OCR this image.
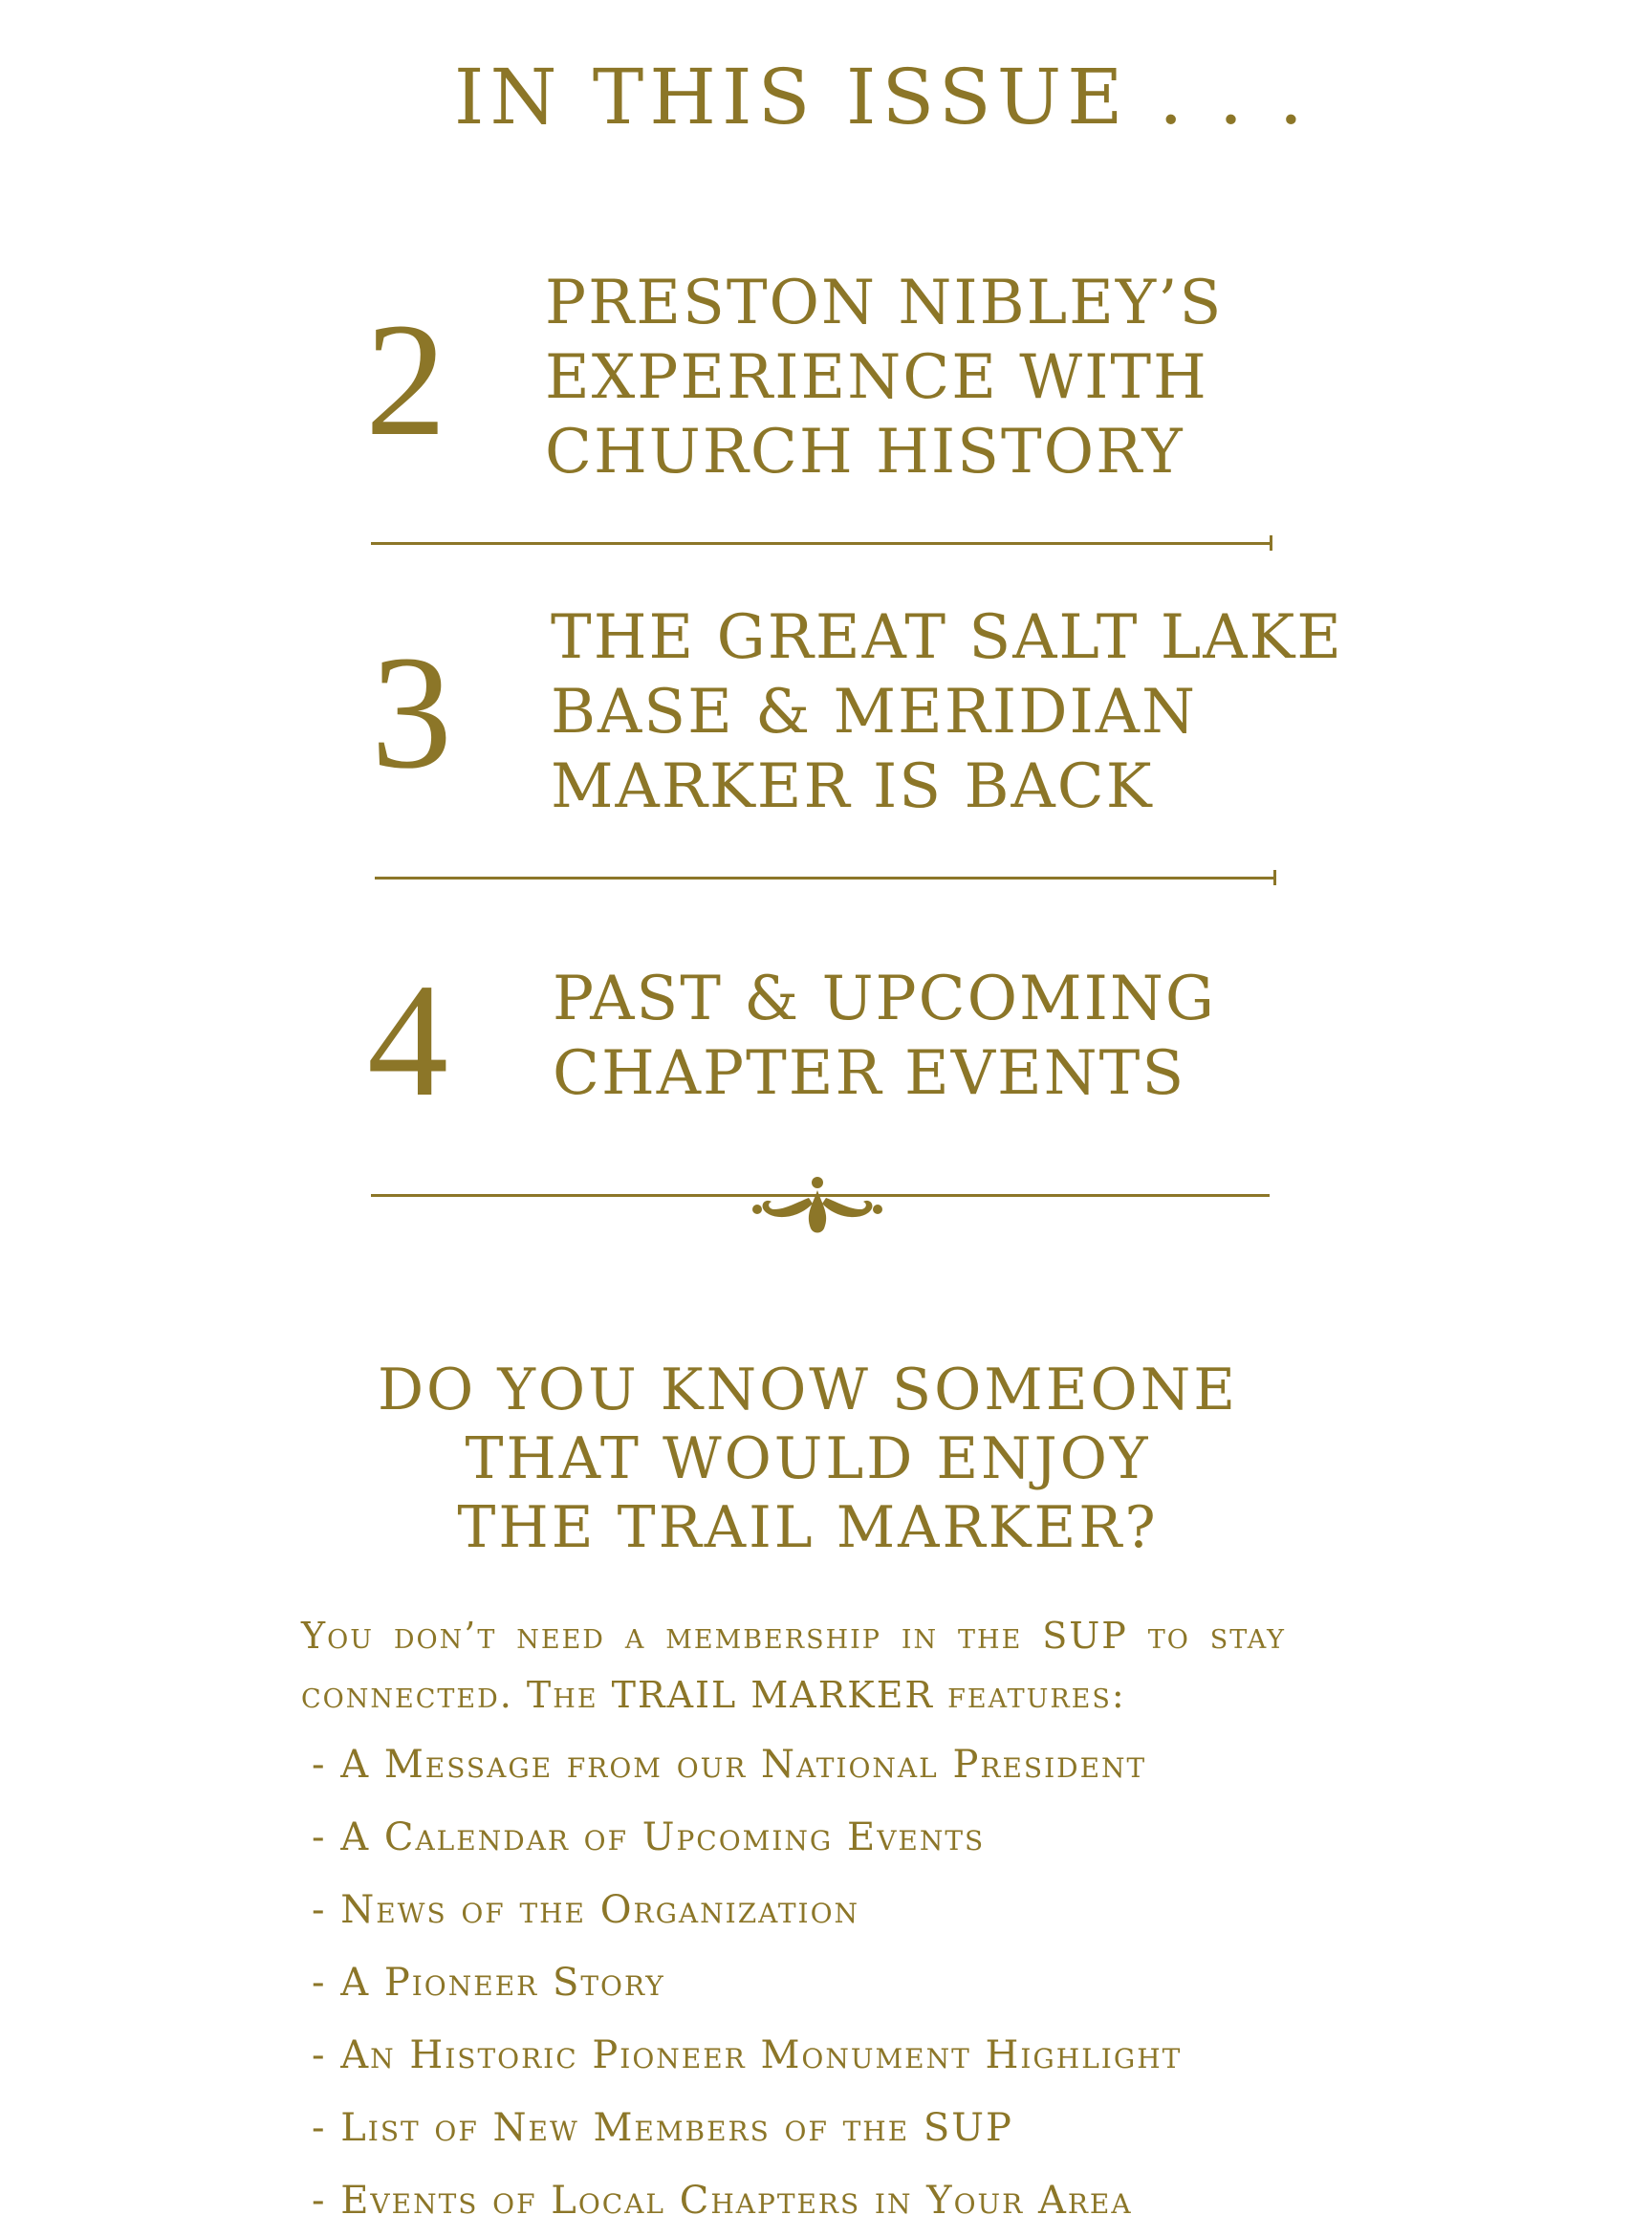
IN THIS ISSUE . . .
2 PRESTON NIBLEY’S
EXPERIENCE WITH
CHURCH HISTORY
3 THE GREAT SALT LAKE
BASE & MERIDIAN
MARKER IS BACK
4 PAST & UPCOMING
CHAPTER EVENTS
DO YOU KNOW SOMEONE
THAT WOULD ENJOY
THE TRAIL MARKER?
You don’t need a membership in the SUP to stay connected. The TRAIL MARKER features:
- A Message from our National President
- A Calendar of Upcoming Events
- News of the Organization
- A Pioneer Story
- An Historic Pioneer Monument Highlight
- List of New Members of the SUP
- Events of Local Chapters in Your Area
